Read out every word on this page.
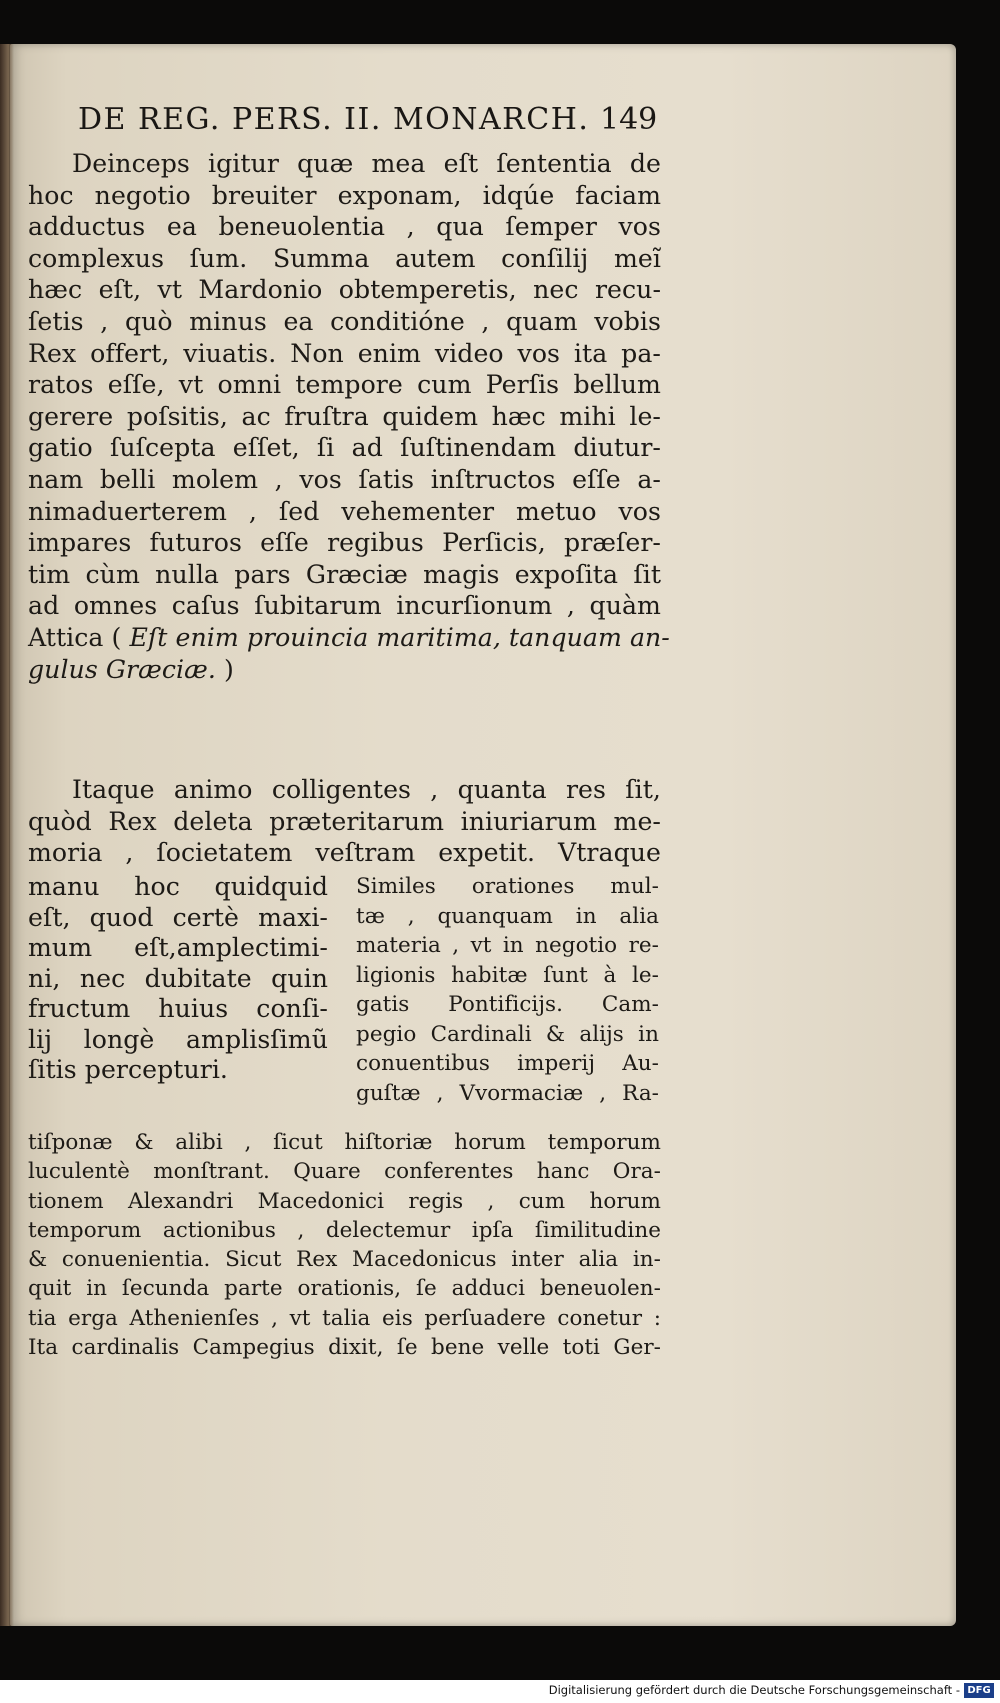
DE REG. PERS. II. MONARCH. 149
Deinceps igitur quæ mea eſt ſententia de
hoc negotio breuiter exponam, idqúe faciam
adductus ea beneuolentia , qua ſemper vos
complexus ſum. Summa autem conſilij meĩ
hæc eſt, vt Mardonio obtemperetis, nec recu-
ſetis , quò minus ea conditióne , quam vobis
Rex offert, viuatis. Non enim video vos ita pa-
ratos eſſe, vt omni tempore cum Perſis bellum
gerere poſsitis, ac fruſtra quidem hæc mihi le-
gatio ſuſcepta eſſet, ſi ad ſuſtinendam diutur-
nam belli molem , vos ſatis inſtructos eſſe a-
nimaduerterem , ſed vehementer metuo vos
impares futuros eſſe regibus Perſicis, præſer-
tim cùm nulla pars Græciæ magis expoſita ſit
ad omnes caſus ſubitarum incurſionum , quàm
Attica ( Eſt enim prouincia maritima, tanquam an-
gulus Græciæ. )
Itaque animo colligentes , quanta res ſit,
quòd Rex deleta præteritarum iniuriarum me-
moria , ſocietatem veſtram expetit. Vtraque
manu hoc quidquid
eſt, quod certè maxi-
mum eſt,amplectimi-
ni, nec dubitate quin
fructum huius conſi-
lij longè amplisſimũ
ſitis percepturi.
Similes orationes mul-
tæ , quanquam in alia
materia , vt in negotio re-
ligionis habitæ ſunt à le-
gatis Pontificijs. Cam-
pegio Cardinali & alijs in
conuentibus imperij Au-
guſtæ , Vvormaciæ , Ra-
tiſponæ & alibi , ſicut hiſtoriæ horum temporum
luculentè monſtrant. Quare conferentes hanc Ora-
tionem Alexandri Macedonici regis , cum horum
temporum actionibus , delectemur ipſa ſimilitudine
& conuenientia. Sicut Rex Macedonicus inter alia in-
quit in ſecunda parte orationis, ſe adduci beneuolen-
tia erga Athenienſes , vt talia eis perſuadere conetur :
Ita cardinalis Campegius dixit, ſe bene velle toti Ger-
Digitalisierung gefördert durch die Deutsche Forschungsgemeinschaft - DFG
